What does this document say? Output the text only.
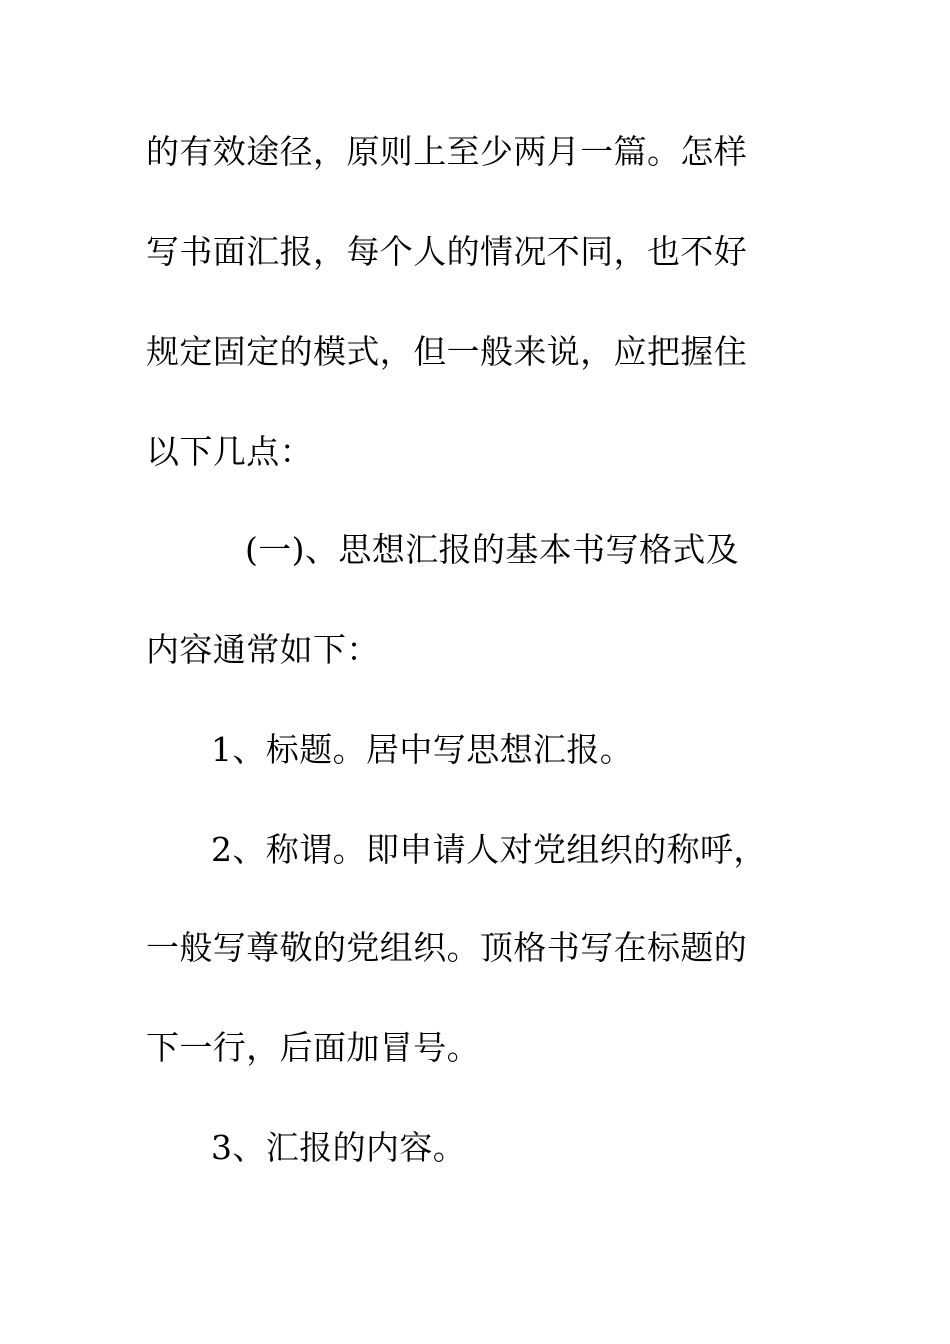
的有效途径，原则上至少两月一篇。怎样
写书面汇报，每个人的情况不同，也不好
规定固定的模式，但一般来说，应把握住
以下几点：
(一)、思想汇报的基本书写格式及
内容通常如下：
1、标题。居中写思想汇报。
2、称谓。即申请人对党组织的称呼，
一般写尊敬的党组织。顶格书写在标题的
下一行，后面加冒号。
3、汇报的内容。
